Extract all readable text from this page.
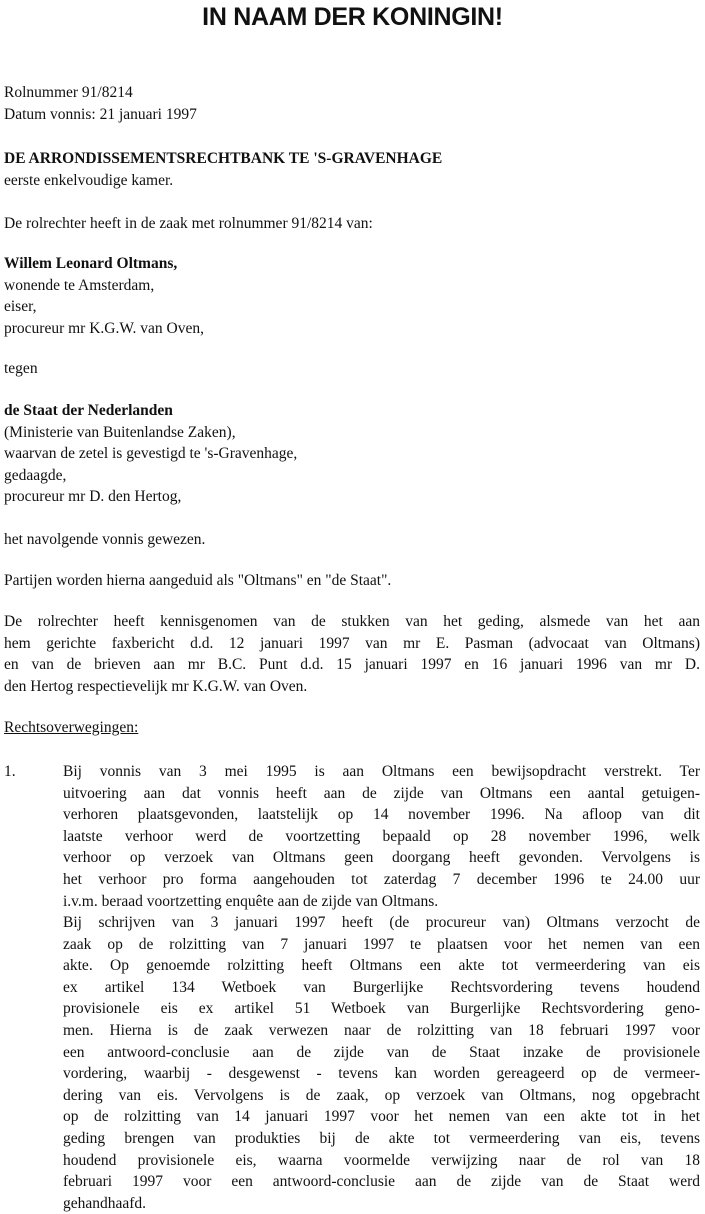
IN NAAM DER KONINGIN!
Rolnummer 91/8214
Datum vonnis: 21 januari 1997
DE ARRONDISSEMENTSRECHTBANK TE 'S-GRAVENHAGE
eerste enkelvoudige kamer.
De rolrechter heeft in de zaak met rolnummer 91/8214 van:
Willem Leonard Oltmans,
wonende te Amsterdam,
eiser,
procureur mr K.G.W. van Oven,
tegen
de Staat der Nederlanden
(Ministerie van Buitenlandse Zaken),
waarvan de zetel is gevestigd te 's-Gravenhage,
gedaagde,
procureur mr D. den Hertog,
het navolgende vonnis gewezen.
Partijen worden hierna aangeduid als "Oltmans" en "de Staat".
De rolrechter heeft kennisgenomen van de stukken van het geding, alsmede van het aan
hem gerichte faxbericht d.d. 12 januari 1997 van mr E. Pasman (advocaat van Oltmans)
en van de brieven aan mr B.C. Punt d.d. 15 januari 1997 en 16 januari 1996 van mr D.
den Hertog respectievelijk mr K.G.W. van Oven.
Rechtsoverwegingen:
1.	Bij vonnis van 3 mei 1995 is aan Oltmans een bewijsopdracht verstrekt. Ter
uitvoering aan dat vonnis heeft aan de zijde van Oltmans een aantal getuigen-
verhoren plaatsgevonden, laatstelijk op 14 november 1996. Na afloop van dit
laatste verhoor werd de voortzetting bepaald op 28 november 1996, welk
verhoor op verzoek van Oltmans geen doorgang heeft gevonden. Vervolgens is
het verhoor pro forma aangehouden tot zaterdag 7 december 1996 te 24.00 uur
i.v.m. beraad voortzetting enquête aan de zijde van Oltmans.
Bij schrijven van 3 januari 1997 heeft (de procureur van) Oltmans verzocht de
zaak op de rolzitting van 7 januari 1997 te plaatsen voor het nemen van een
akte. Op genoemde rolzitting heeft Oltmans een akte tot vermeerdering van eis
ex artikel 134 Wetboek van Burgerlijke Rechtsvordering tevens houdend
provisionele eis ex artikel 51 Wetboek van Burgerlijke Rechtsvordering geno-
men. Hierna is de zaak verwezen naar de rolzitting van 18 februari 1997 voor
een antwoord-conclusie aan de zijde van de Staat inzake de provisionele
vordering, waarbij - desgewenst - tevens kan worden gereageerd op de vermeer-
dering van eis. Vervolgens is de zaak, op verzoek van Oltmans, nog opgebracht
op de rolzitting van 14 januari 1997 voor het nemen van een akte tot in het
geding brengen van produkties bij de akte tot vermeerdering van eis, tevens
houdend provisionele eis, waarna voormelde verwijzing naar de rol van 18
februari 1997 voor een antwoord-conclusie aan de zijde van de Staat werd
gehandhaafd.
